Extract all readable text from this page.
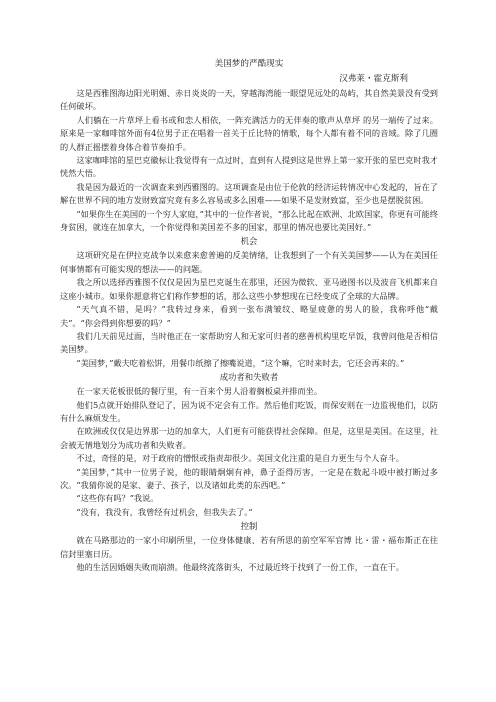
美国梦的严酷现实
汉弗莱・霍克斯利

这是西雅图海边阳光明媚、赤日炎炎的一天，穿越海湾能一眼望见远处的岛屿，其自然美景没有受到任何破坏。

人们躺在一片草坪上看书或和恋人相依，一阵充满活力的无伴奏的歌声从草坪 的另一端传了过来。原来是一家咖啡馆外面有4位男子正在唱着一首关于丘比特的情歌，每个人都有着不同的音域。除了几圈的人群正摇摆着身体合着节奏拍手。

这家咖啡馆的星巴克徽标让我觉得有一点过时，直到有人提到这是世界上第一家开张的星巴克时我才恍然大悟。

我是因为最近的一次调查来到西雅图的。这项调查是由位于伦敦的经济运转情况中心发起的，旨在了解在世界不同的地方发财致富究竟有多么容易或多么困难——如果不是发财致富，至少也是摆脱贫困。

“如果你生在美国的一个穷人家庭，”其中的一位作者说，“那么比起在欧洲、北欧国家，你更有可能终身贫困，就连在加拿大，一个你觉得和美国差不多的国家，那里的情况也要比美国好。”

机会

这项研究是在伊拉克战争以来愈来愈普遍的反美情绪，让我想到了一个有关美国梦——认为在美国任何事情都有可能实现的想法——的问题。

我之所以选择西雅图不仅仅是因为星巴克诞生在那里，还因为微软、亚马逊图书以及波音飞机都来自这座小城市。如果你愿意将它们称作梦想的话，那么这些小梦想现在已经变成了全球的大品牌。

“天气真不错，是吗？”我转过身来，看到一张布满皱纹、略显疲惫的男人的脸，我称呼他“戴夫”。“你会得到你想要的吗？”

我们几天前见过面，当时他正在一家帮助穷人和无家可归者的慈善机构里吃早饭，我曾问他是否相信美国梦。

“美国梦，”戴夫吃着松饼，用餐巾纸擦了擦嘴说道，“这个嘛，它时来时去，它还会再来的。”

成功者和失败者

在一家天花板很低的餐厅里，有一百来个男人沿着搁板桌并排而坐。

他们5点就开始排队登记了，因为说不定会有工作。然后他们吃饭，而保安则在一边监视他们，以防有什么麻烦发生。

在欧洲或仅仅是边界那一边的加拿大，人们更有可能获得社会保障。但是，这里是美国。在这里，社会被无情地划分为成功者和失败者。

不过，奇怪的是，对于政府的憎恨或指责却很少。美国文化注重的是自力更生与个人奋斗。

“美国梦，”其中一位男子说，他的眼睛炯炯有神，鼻子歪得厉害，一定是在数起斗殴中被打断过多次。“我猜你说的是家、妻子、孩子，以及诸如此类的东西吧。”

“这些你有吗？”我说。

“没有，我没有，我曾经有过机会，但我失去了。”

控制

就在马路那边的一家小印刷所里，一位身体健康、若有所思的前空军军官博 比・雷・福布斯正在往信封里塞日历。

他的生活因婚姻失败而崩溃。他最终流落街头，不过最近终于找到了一份工作，一直在干。
